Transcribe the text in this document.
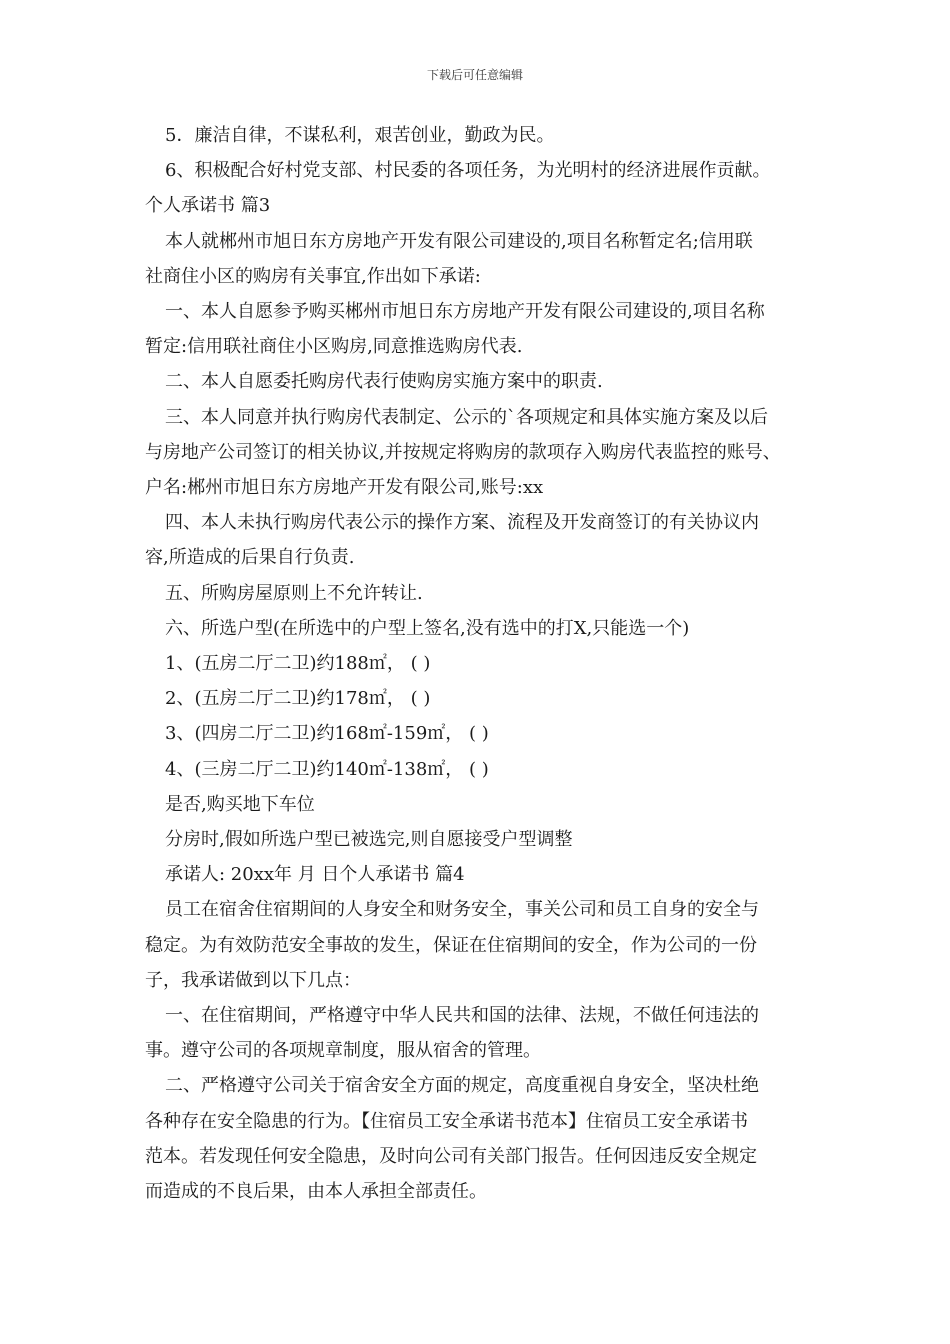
下载后可任意编辑

5．廉洁自律，不谋私利，艰苦创业，勤政为民。

6、积极配合好村党支部、村民委的各项任务，为光明村的经济进展作贡献。

个人承诺书 篇3

本人就郴州市旭日东方房地产开发有限公司建设的,项目名称暂定名;信用联

社商住小区的购房有关事宜,作出如下承诺:

一、本人自愿参予购买郴州市旭日东方房地产开发有限公司建设的,项目名称

暂定:信用联社商住小区购房,同意推选购房代表.

二、本人自愿委托购房代表行使购房实施方案中的职责.

三、本人同意并执行购房代表制定、公示的`各项规定和具体实施方案及以后

与房地产公司签订的相关协议,并按规定将购房的款项存入购房代表监控的账号、

户名:郴州市旭日东方房地产开发有限公司,账号:xx

四、本人未执行购房代表公示的操作方案、流程及开发商签订的有关协议内

容,所造成的后果自行负责.

五、所购房屋原则上不允许转让.

六、所选户型(在所选中的户型上签名,没有选中的打X,只能选一个)

1、(五房二厅二卫)约188㎡， ( )

2、(五房二厅二卫)约178㎡， ( )

3、(四房二厅二卫)约168㎡-159㎡， ( )

4、(三房二厅二卫)约140㎡-138㎡， ( )

是否,购买地下车位

分房时,假如所选户型已被选完,则自愿接受户型调整

承诺人: 20xx年 月 日个人承诺书 篇4

员工在宿舍住宿期间的人身安全和财务安全，事关公司和员工自身的安全与

稳定。为有效防范安全事故的发生，保证在住宿期间的安全，作为公司的一份

子，我承诺做到以下几点：

一、在住宿期间，严格遵守中华人民共和国的法律、法规，不做任何违法的

事。遵守公司的各项规章制度，服从宿舍的管理。

二、严格遵守公司关于宿舍安全方面的规定，高度重视自身安全，坚决杜绝

各种存在安全隐患的行为。【住宿员工安全承诺书范本】住宿员工安全承诺书

范本。若发现任何安全隐患，及时向公司有关部门报告。任何因违反安全规定

而造成的不良后果，由本人承担全部责任。
